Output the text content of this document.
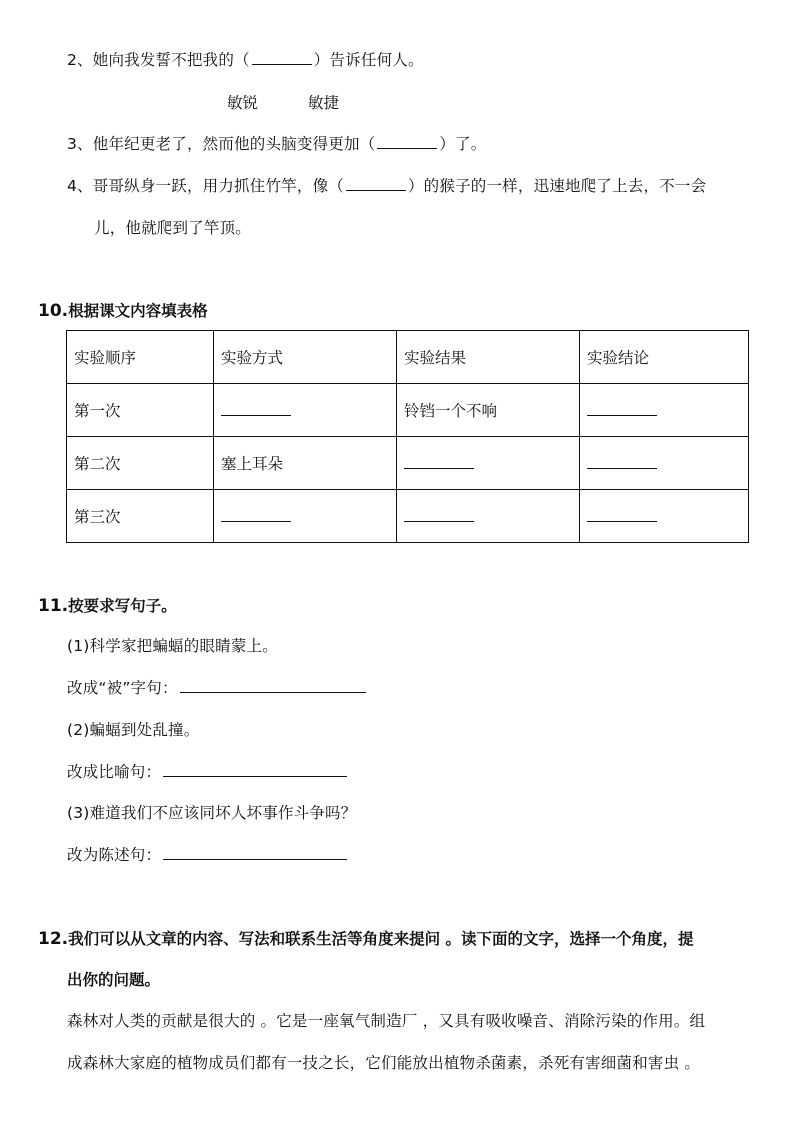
2、她向我发誓不把我的（	）告诉任何人。
敏锐	敏捷
3、他年纪更老了，然而他的头脑变得更加（	）了。
4、哥哥纵身一跃，用力抓住竹竿，像（	）的猴子的一样，迅速地爬了上去，不一会
儿，他就爬到了竿顶。
10.根据课文内容填表格
实验顺序	实验方式	实验结果	实验结论
第一次		铃铛一个不响	
第二次	塞上耳朵		
第三次			
11.按要求写句子。
(1)科学家把蝙蝠的眼睛蒙上。
改成“被”字句：
(2)蝙蝠到处乱撞。
改成比喻句：
(3)难道我们不应该同坏人坏事作斗争吗？
改为陈述句：
12.我们可以从文章的内容、写法和联系生活等角度来提问 。读下面的文字，选择一个角度，提
出你的问题。
森林对人类的贡献是很大的 。它是一座氧气制造厂 ，又具有吸收噪音、消除污染的作用。组
成森林大家庭的植物成员们都有一技之长，它们能放出植物杀菌素，杀死有害细菌和害虫 。
